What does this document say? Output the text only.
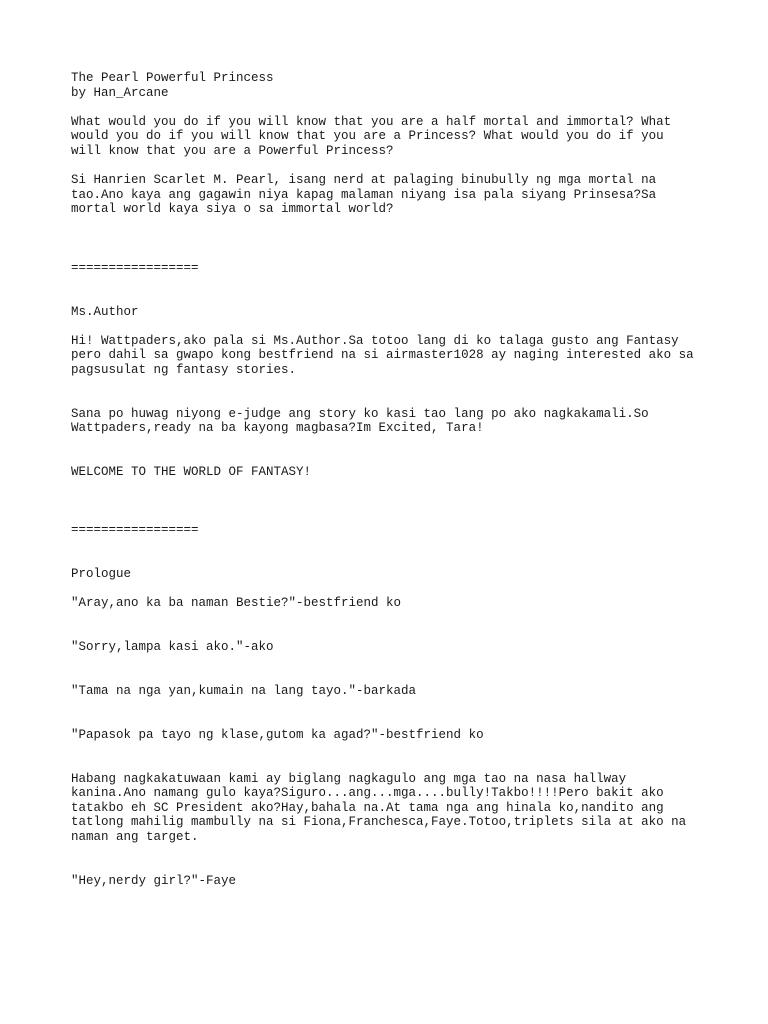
The Pearl Powerful Princess
by Han_Arcane
What would you do if you will know that you are a half mortal and immortal? What
would you do if you will know that you are a Princess? What would you do if you
will know that you are a Powerful Princess?
Si Hanrien Scarlet M. Pearl, isang nerd at palaging binubully ng mga mortal na
tao.Ano kaya ang gagawin niya kapag malaman niyang isa pala siyang Prinsesa?Sa
mortal world kaya siya o sa immortal world?
=================
Ms.Author
Hi! Wattpaders,ako pala si Ms.Author.Sa totoo lang di ko talaga gusto ang Fantasy
pero dahil sa gwapo kong bestfriend na si airmaster1028 ay naging interested ako sa
pagsusulat ng fantasy stories.
Sana po huwag niyong e-judge ang story ko kasi tao lang po ako nagkakamali.So
Wattpaders,ready na ba kayong magbasa?Im Excited, Tara!
WELCOME TO THE WORLD OF FANTASY!
=================
Prologue
"Aray,ano ka ba naman Bestie?"-bestfriend ko
"Sorry,lampa kasi ako."-ako
"Tama na nga yan,kumain na lang tayo."-barkada
"Papasok pa tayo ng klase,gutom ka agad?"-bestfriend ko
Habang nagkakatuwaan kami ay biglang nagkagulo ang mga tao na nasa hallway
kanina.Ano namang gulo kaya?Siguro...ang...mga....bully!Takbo!!!!Pero bakit ako
tatakbo eh SC President ako?Hay,bahala na.At tama nga ang hinala ko,nandito ang
tatlong mahilig mambully na si Fiona,Franchesca,Faye.Totoo,triplets sila at ako na
naman ang target.
"Hey,nerdy girl?"-Faye
